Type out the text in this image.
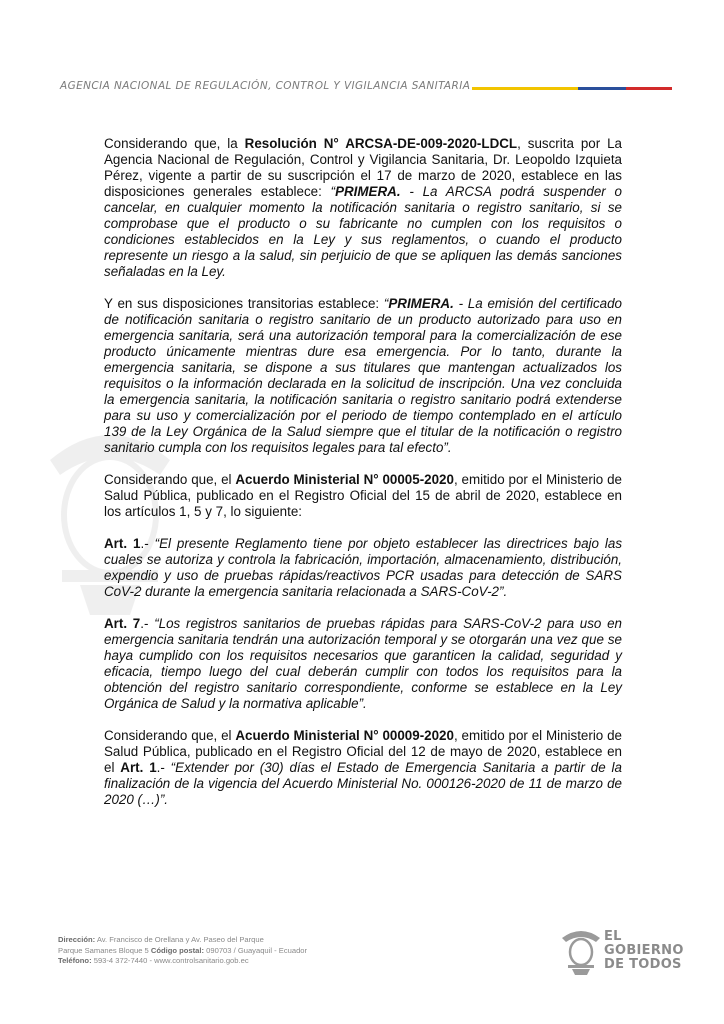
AGENCIA NACIONAL DE REGULACIÓN, CONTROL Y VIGILANCIA SANITARIA

Considerando que, la Resolución N° ARCSA-DE-009-2020-LDCL, suscrita por La Agencia Nacional de Regulación, Control y Vigilancia Sanitaria, Dr. Leopoldo Izquieta Pérez, vigente a partir de su suscripción el 17 de marzo de 2020, establece en las disposiciones generales establece: “PRIMERA. - La ARCSA podrá suspender o cancelar, en cualquier momento la notificación sanitaria o registro sanitario, si se comprobase que el producto o su fabricante no cumplen con los requisitos o condiciones establecidos en la Ley y sus reglamentos, o cuando el producto represente un riesgo a la salud, sin perjuicio de que se apliquen las demás sanciones señaladas en la Ley.

Y en sus disposiciones transitorias establece: “PRIMERA. - La emisión del certificado de notificación sanitaria o registro sanitario de un producto autorizado para uso en emergencia sanitaria, será una autorización temporal para la comercialización de ese producto únicamente mientras dure esa emergencia. Por lo tanto, durante la emergencia sanitaria, se dispone a sus titulares que mantengan actualizados los requisitos o la información declarada en la solicitud de inscripción. Una vez concluida la emergencia sanitaria, la notificación sanitaria o registro sanitario podrá extenderse para su uso y comercialización por el periodo de tiempo contemplado en el artículo 139 de la Ley Orgánica de la Salud siempre que el titular de la notificación o registro sanitario cumpla con los requisitos legales para tal efecto”.

Considerando que, el Acuerdo Ministerial N° 00005-2020, emitido por el Ministerio de Salud Pública, publicado en el Registro Oficial del 15 de abril de 2020, establece en los artículos 1, 5 y 7, lo siguiente:

Art. 1.- “El presente Reglamento tiene por objeto establecer las directrices bajo las cuales se autoriza y controla la fabricación, importación, almacenamiento, distribución, expendio y uso de pruebas rápidas/reactivos PCR usadas para detección de SARS CoV-2 durante la emergencia sanitaria relacionada a SARS-CoV-2”.

Art. 7.- “Los registros sanitarios de pruebas rápidas para SARS-CoV-2 para uso en emergencia sanitaria tendrán una autorización temporal y se otorgarán una vez que se haya cumplido con los requisitos necesarios que garanticen la calidad, seguridad y eficacia, tiempo luego del cual deberán cumplir con todos los requisitos para la obtención del registro sanitario correspondiente, conforme se establece en la Ley Orgánica de Salud y la normativa aplicable”.

Considerando que, el Acuerdo Ministerial N° 00009-2020, emitido por el Ministerio de Salud Pública, publicado en el Registro Oficial del 12 de mayo de 2020, establece en el Art. 1.- “Extender por (30) días el Estado de Emergencia Sanitaria a partir de la finalización de la vigencia del Acuerdo Ministerial No. 000126-2020 de 11 de marzo de 2020 (…)”.

Dirección: Av. Francisco de Orellana y Av. Paseo del Parque
Parque Samanes Bloque 5 Código postal: 090703 / Guayaquil - Ecuador
Teléfono: 593-4 372-7440 - www.controlsanitario.gob.ec
EL
GOBIERNO
DE TODOS
